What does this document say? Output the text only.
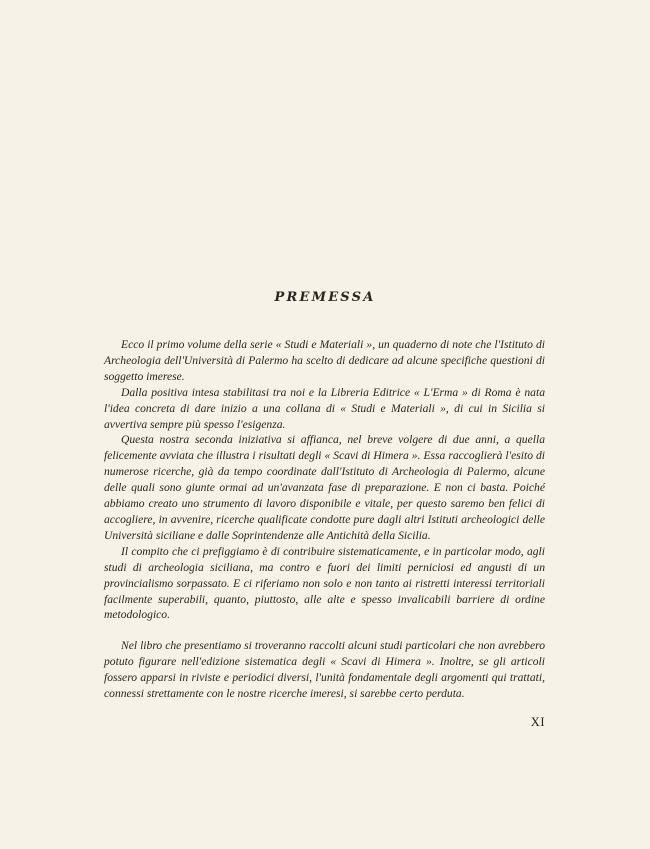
PREMESSA

Ecco il primo volume della serie « Studi e Materiali », un quaderno di note che l'Istituto di Archeologia dell'Università di Palermo ha scelto di dedicare ad alcune specifiche questioni di soggetto imerese.

Dalla positiva intesa stabilitasi tra noi e la Libreria Editrice « L'Erma » di Roma è nata l'idea concreta di dare inizio a una collana di « Studi e Materiali », di cui in Sicilia si avvertiva sempre più spesso l'esigenza.

Questa nostra seconda iniziativa si affianca, nel breve volgere di due anni, a quella felicemente avviata che illustra i risultati degli « Scavi di Himera ». Essa raccoglierà l'esito di numerose ricerche, già da tempo coordinate dall'Istituto di Archeologia di Palermo, alcune delle quali sono giunte ormai ad un'avanzata fase di preparazione. E non ci basta. Poiché abbiamo creato uno strumento di lavoro disponibile e vitale, per questo saremo ben felici di accogliere, in avvenire, ricerche qualificate condotte pure dagli altri Istituti archeologici delle Università siciliane e dalle Soprintendenze alle Antichità della Sicilia.

Il compito che ci prefiggiamo è di contribuire sistematicamente, e in particolar modo, agli studi di archeologia siciliana, ma contro e fuori dei limiti perniciosi ed angusti di un provincialismo sorpassato. E ci riferiamo non solo e non tanto ai ristretti interessi territoriali facilmente superabili, quanto, piuttosto, alle alte e spesso invalicabili barriere di ordine metodologico.

Nel libro che presentiamo si troveranno raccolti alcuni studi particolari che non avrebbero potuto figurare nell'edizione sistematica degli « Scavi di Himera ». Inoltre, se gli articoli fossero apparsi in riviste e periodici diversi, l'unità fondamentale degli argomenti qui trattati, connessi strettamente con le nostre ricerche imeresi, si sarebbe certo perduta.

XI
